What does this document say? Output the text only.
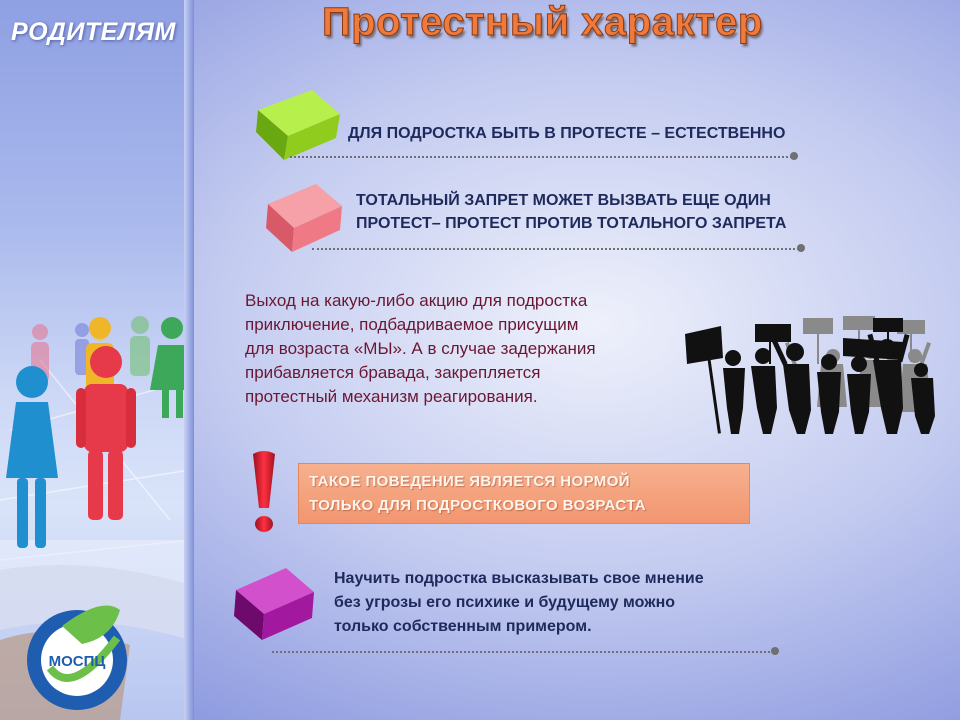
РОДИТЕЛЯМ
МОСПЦ
Протестный характер
ДЛЯ ПОДРОСТКА БЫТЬ В ПРОТЕСТЕ – ЕСТЕСТВЕННО
ТОТАЛЬНЫЙ ЗАПРЕТ МОЖЕТ ВЫЗВАТЬ ЕЩЕ ОДИН
ПРОТЕСТ– ПРОТЕСТ ПРОТИВ ТОТАЛЬНОГО ЗАПРЕТА
Выход на какую-либо акцию для подростка
приключение, подбадриваемое присущим
для возраста «МЫ». А в случае задержания
прибавляется бравада, закрепляется
протестный механизм реагирования.
ТАКОЕ ПОВЕДЕНИЕ ЯВЛЯЕТСЯ НОРМОЙ
ТОЛЬКО ДЛЯ ПОДРОСТКОВОГО ВОЗРАСТА
Научить подростка высказывать свое мнение
без угрозы его психике и будущему можно
только собственным примером.
